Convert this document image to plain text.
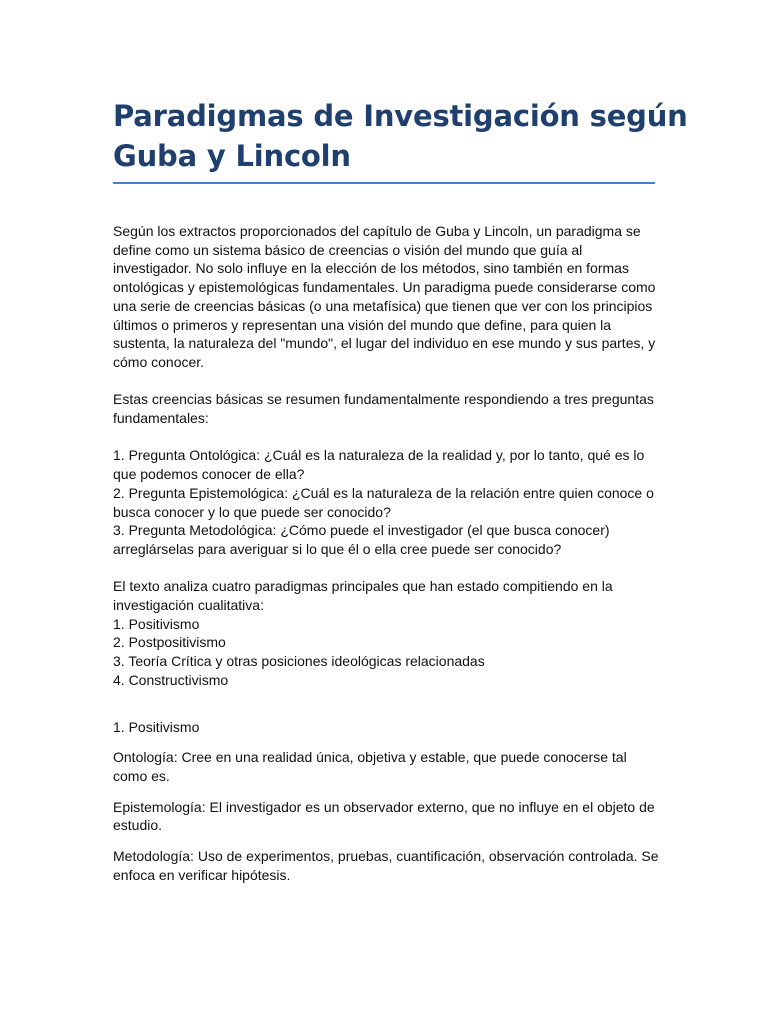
Paradigmas de Investigación según
Guba y Lincoln

Según los extractos proporcionados del capítulo de Guba y Lincoln, un paradigma se
define como un sistema básico de creencias o visión del mundo que guía al
investigador. No solo influye en la elección de los métodos, sino también en formas
ontológicas y epistemológicas fundamentales. Un paradigma puede considerarse como
una serie de creencias básicas (o una metafísica) que tienen que ver con los principios
últimos o primeros y representan una visión del mundo que define, para quien la
sustenta, la naturaleza del "mundo", el lugar del individuo en ese mundo y sus partes, y
cómo conocer.

Estas creencias básicas se resumen fundamentalmente respondiendo a tres preguntas
fundamentales:

1. Pregunta Ontológica: ¿Cuál es la naturaleza de la realidad y, por lo tanto, qué es lo
que podemos conocer de ella?
2. Pregunta Epistemológica: ¿Cuál es la naturaleza de la relación entre quien conoce o
busca conocer y lo que puede ser conocido?
3. Pregunta Metodológica: ¿Cómo puede el investigador (el que busca conocer)
arreglárselas para averiguar si lo que él o ella cree puede ser conocido?

El texto analiza cuatro paradigmas principales que han estado compitiendo en la
investigación cualitativa:
1. Positivismo
2. Postpositivismo
3. Teoría Crítica y otras posiciones ideológicas relacionadas
4. Constructivismo

1. Positivismo

Ontología: Cree en una realidad única, objetiva y estable, que puede conocerse tal
como es.

Epistemología: El investigador es un observador externo, que no influye en el objeto de
estudio.

Metodología: Uso de experimentos, pruebas, cuantificación, observación controlada. Se
enfoca en verificar hipótesis.
